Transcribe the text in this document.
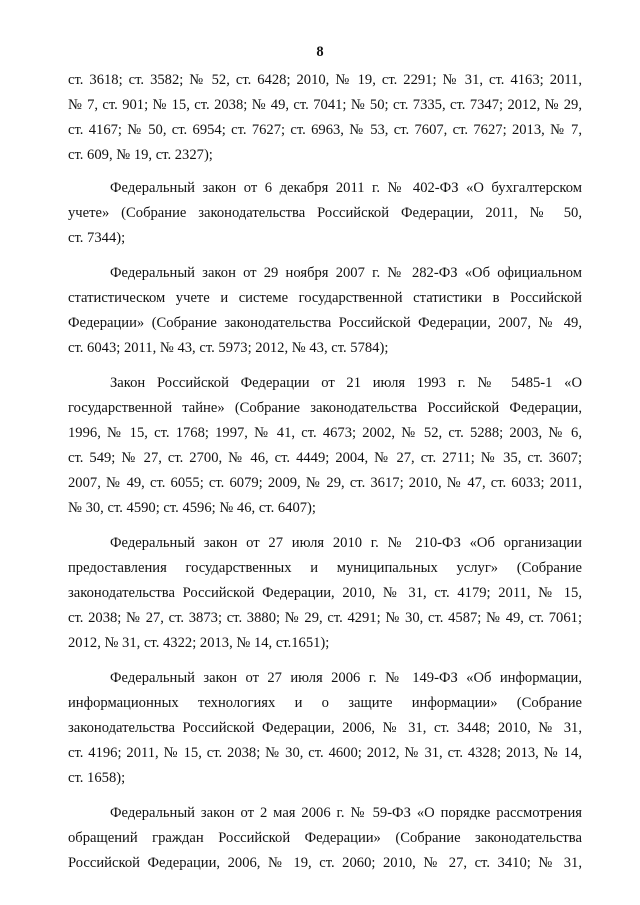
8
ст. 3618; ст. 3582; № 52, ст. 6428; 2010, № 19, ст. 2291; № 31, ст. 4163; 2011,
№ 7, ст. 901; № 15, ст. 2038; № 49, ст. 7041; № 50; ст. 7335, ст. 7347; 2012, № 29,
ст. 4167; № 50, ст. 6954; ст. 7627; ст. 6963, № 53, ст. 7607, ст. 7627; 2013, № 7,
ст. 609, № 19, ст. 2327);
Федеральный закон от 6 декабря 2011 г. № 402-ФЗ «О бухгалтерском
учете» (Собрание законодательства Российской Федерации, 2011, № 50,
ст. 7344);
Федеральный закон от 29 ноября 2007 г. № 282-ФЗ «Об официальном
статистическом учете и системе государственной статистики в Российской
Федерации» (Собрание законодательства Российской Федерации, 2007, № 49,
ст. 6043; 2011, № 43, ст. 5973; 2012, № 43, ст. 5784);
Закон Российской Федерации от 21 июля 1993 г. № 5485-1 «О
государственной тайне» (Собрание законодательства Российской Федерации,
1996, № 15, ст. 1768; 1997, № 41, ст. 4673; 2002, № 52, ст. 5288; 2003, № 6,
ст. 549; № 27, ст. 2700, № 46, ст. 4449; 2004, № 27, ст. 2711; № 35, ст. 3607;
2007, № 49, ст. 6055; ст. 6079; 2009, № 29, ст. 3617; 2010, № 47, ст. 6033; 2011,
№ 30, ст. 4590; ст. 4596; № 46, ст. 6407);
Федеральный закон от 27 июля 2010 г. № 210-ФЗ «Об организации
предоставления государственных и муниципальных услуг» (Собрание
законодательства Российской Федерации, 2010, № 31, ст. 4179; 2011, № 15,
ст. 2038; № 27, ст. 3873; ст. 3880; № 29, ст. 4291; № 30, ст. 4587; № 49, ст. 7061;
2012, № 31, ст. 4322; 2013, № 14, ст.1651);
Федеральный закон от 27 июля 2006 г. № 149-ФЗ «Об информации,
информационных технологиях и о защите информации» (Собрание
законодательства Российской Федерации, 2006, № 31, ст. 3448; 2010, № 31,
ст. 4196; 2011, № 15, ст. 2038; № 30, ст. 4600; 2012, № 31, ст. 4328; 2013, № 14,
ст. 1658);
Федеральный закон от 2 мая 2006 г. № 59-ФЗ «О порядке рассмотрения
обращений граждан Российской Федерации» (Собрание законодательства
Российской Федерации, 2006, № 19, ст. 2060; 2010, № 27, ст. 3410; № 31,
